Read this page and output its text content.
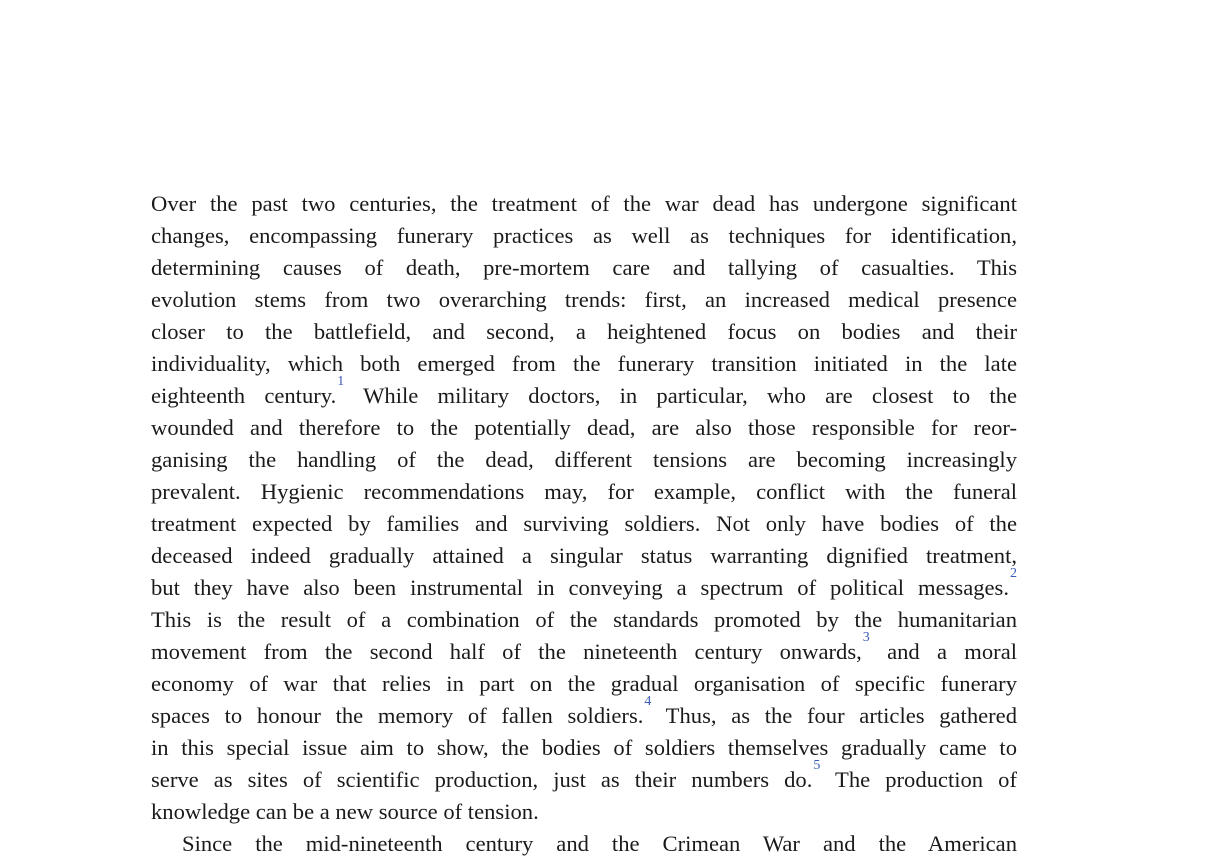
Over the past two centuries, the treatment of the war dead has undergone significant
changes, encompassing funerary practices as well as techniques for identification,
determining causes of death, pre-mortem care and tallying of casualties. This
evolution stems from two overarching trends: first, an increased medical presence
closer to the battlefield, and second, a heightened focus on bodies and their
individuality, which both emerged from the funerary transition initiated in the late
eighteenth century.$^1$ While military doctors, in particular, who are closest to the
wounded and therefore to the potentially dead, are also those responsible for reor-
ganising the handling of the dead, different tensions are becoming increasingly
prevalent. Hygienic recommendations may, for example, conflict with the funeral
treatment expected by families and surviving soldiers. Not only have bodies of the
deceased indeed gradually attained a singular status warranting dignified treatment,
but they have also been instrumental in conveying a spectrum of political messages.$^2$
This is the result of a combination of the standards promoted by the humanitarian
movement from the second half of the nineteenth century onwards,$^3$ and a moral
economy of war that relies in part on the gradual organisation of specific funerary
spaces to honour the memory of fallen soldiers.$^4$ Thus, as the four articles gathered
in this special issue aim to show, the bodies of soldiers themselves gradually came to
serve as sites of scientific production, just as their numbers do.$^5$ The production of
knowledge can be a new source of tension.
Since the mid-nineteenth century and the Crimean War and the American
